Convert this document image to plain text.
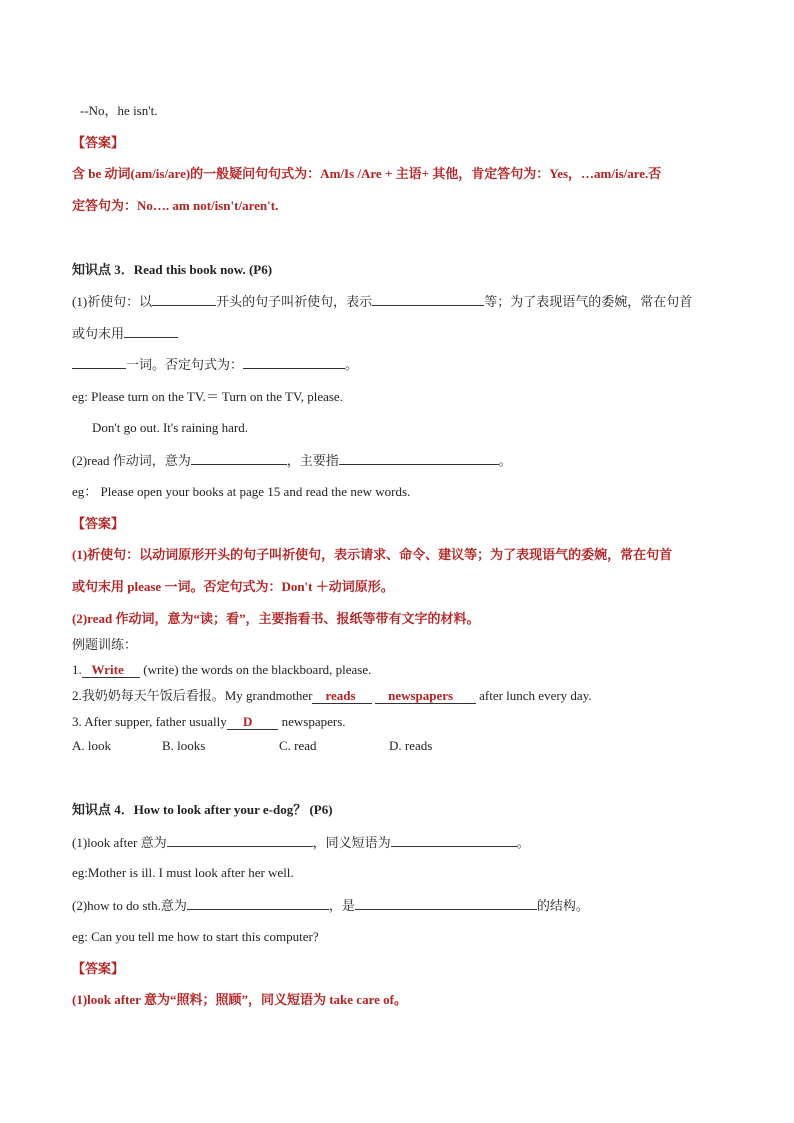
--No，he isn't.
【答案】
含 be 动词(am/is/are)的一般疑问句句式为：Am/Is /Are + 主语+ 其他，肯定答句为：Yes，…am/is/are.否
定答句为：No…. am not/isn't/aren't.
知识点 3．Read this book now. (P6)
(1)祈使句：以	开头的句子叫祈使句，表示	等；为了表现语气的委婉，常在句首
或句末用
一词。否定句式为：	。
eg: Please turn on the TV.＝ Turn on the TV, please.
Don't go out. It's raining hard.
(2)read 作动词，意为	，主要指	。
eg： Please open your books at page 15 and read the new words.
【答案】
(1)祈使句：以动词原形开头的句子叫祈使句，表示请求、命令、建议等；为了表现语气的委婉，常在句首
或句末用 please 一词。否定句式为：Don't ＋动词原形。
(2)read 作动词，意为“读；看”，主要指看书、报纸等带有文字的材料。
例题训练：
1. Write      (write) the words on the blackboard, please.
2.我奶奶每天午饭后看报。My grandmother reads	newspapers        after lunch every day.
3. After supper, father usually D         newspapers.
A. look	B. looks	C. read	D. reads
知识点 4．How to look after your e-dog？ (P6)
(1)look after 意为	，同义短语为	。
eg:Mother is ill. I must look after her well.
(2)how to do sth.意为	，是	的结构。
eg: Can you tell me how to start this computer?
【答案】
(1)look after 意为“照料；照顾”，同义短语为 take care of。
